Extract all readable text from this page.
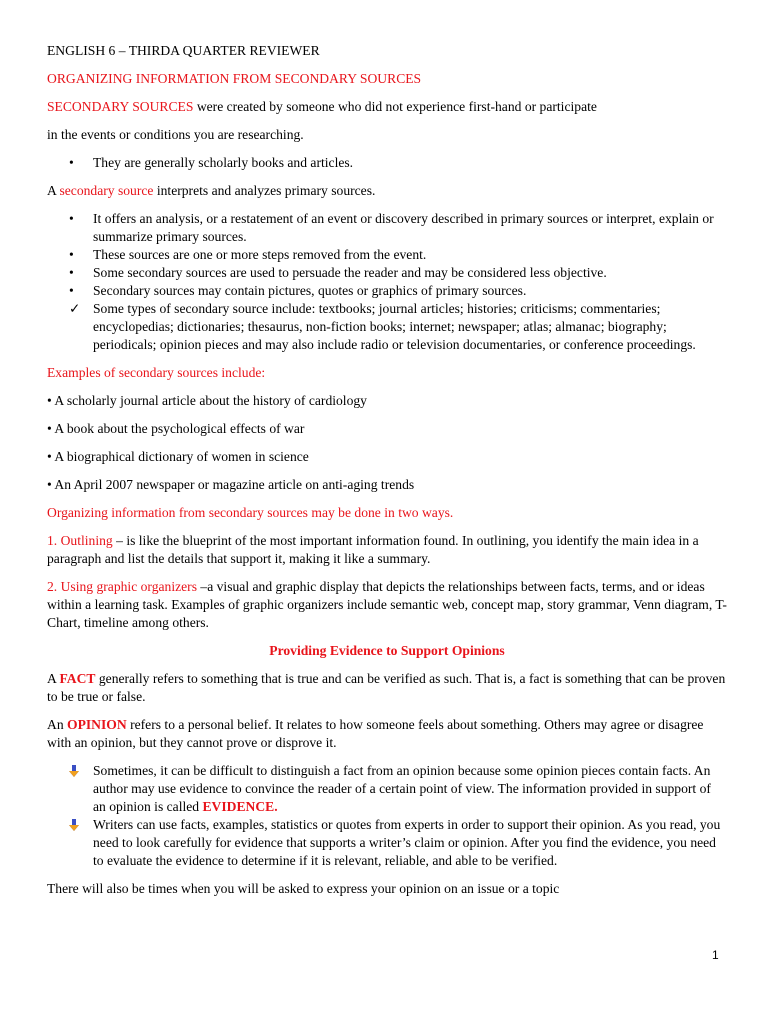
ENGLISH 6 – THIRDA QUARTER REVIEWER

ORGANIZING INFORMATION FROM SECONDARY SOURCES

SECONDARY SOURCES were created by someone who did not experience first-hand or participate

in the events or conditions you are researching.

•	They are generally scholarly books and articles.

A secondary source interprets and analyzes primary sources.

•	It offers an analysis, or a restatement of an event or discovery described in primary sources or interpret, explain or summarize primary sources.
•	These sources are one or more steps removed from the event.
•	Some secondary sources are used to persuade the reader and may be considered less objective.
•	Secondary sources may contain pictures, quotes or graphics of primary sources.
✓ Some types of secondary source include: textbooks; journal articles; histories; criticisms; commentaries; encyclopedias; dictionaries; thesaurus, non-fiction books; internet; newspaper; atlas; almanac; biography; periodicals; opinion pieces and may also include radio or television documentaries, or conference proceedings.

Examples of secondary sources include:

• A scholarly journal article about the history of cardiology

• A book about the psychological effects of war

• A biographical dictionary of women in science

• An April 2007 newspaper or magazine article on anti-aging trends

Organizing information from secondary sources may be done in two ways.

1. Outlining – is like the blueprint of the most important information found. In outlining, you identify the main idea in a paragraph and list the details that support it, making it like a summary.

2. Using graphic organizers –a visual and graphic display that depicts the relationships between facts, terms, and or ideas within a learning task. Examples of graphic organizers include semantic web, concept map, story grammar, Venn diagram, T-Chart, timeline among others.

Providing Evidence to Support Opinions

A FACT generally refers to something that is true and can be verified as such. That is, a fact is something that can be proven to be true or false.

An OPINION refers to a personal belief. It relates to how someone feels about something. Others may agree or disagree with an opinion, but they cannot prove or disprove it.

Sometimes, it can be difficult to distinguish a fact from an opinion because some opinion pieces contain facts. An author may use evidence to convince the reader of a certain point of view. The information provided in support of an opinion is called EVIDENCE.
Writers can use facts, examples, statistics or quotes from experts in order to support their opinion. As you read, you need to look carefully for evidence that supports a writer’s claim or opinion. After you find the evidence, you need to evaluate the evidence to determine if it is relevant, reliable, and able to be verified.

There will also be times when you will be asked to express your opinion on an issue or a topic

1
